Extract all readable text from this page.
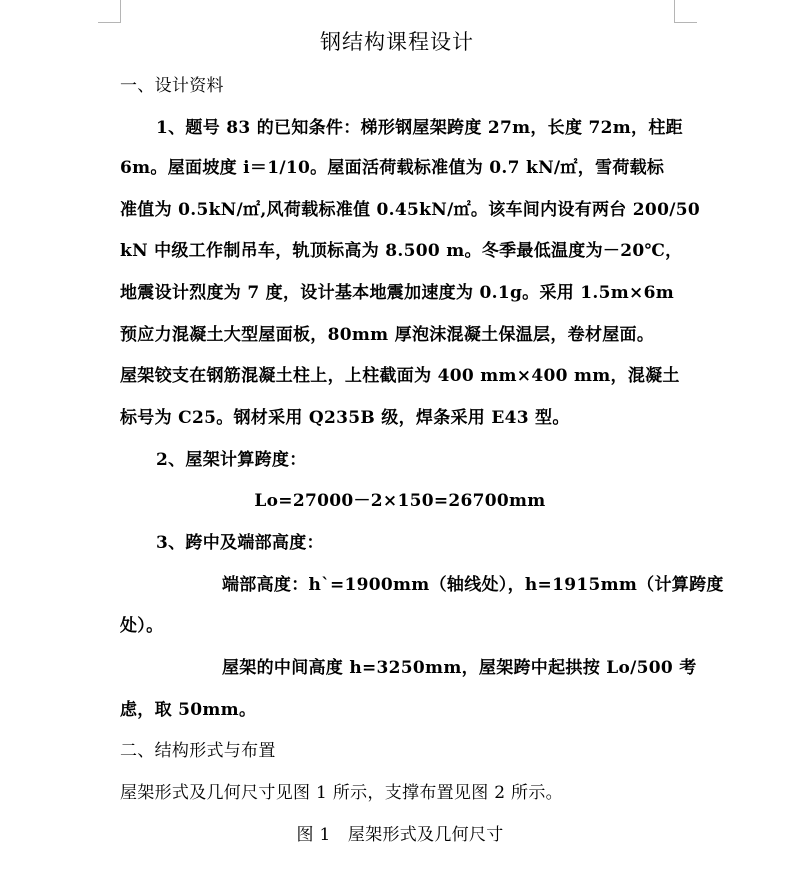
钢结构课程设计
一、设计资料
1、题号 83 的已知条件：梯形钢屋架跨度 27m，长度 72m，柱距
6m。屋面坡度 i＝1/10。屋面活荷载标准值为 0.7 kN/㎡，雪荷载标
准值为 0.5kN/㎡,风荷载标准值 0.45kN/㎡。该车间内设有两台 200/50
kN 中级工作制吊车，轨顶标高为 8.500 m。冬季最低温度为－20℃，
地震设计烈度为 7 度，设计基本地震加速度为 0.1g。采用 1.5m×6m
预应力混凝土大型屋面板，80mm 厚泡沫混凝土保温层，卷材屋面。
屋架铰支在钢筋混凝土柱上，上柱截面为 400 mm×400 mm，混凝土
标号为 C25。钢材采用 Q235B 级，焊条采用 E43 型。
2、屋架计算跨度：
Lo=27000－2×150=26700mm
3、跨中及端部高度：
端部高度：h`=1900mm（轴线处），h=1915mm（计算跨度
处）。
屋架的中间高度 h=3250mm，屋架跨中起拱按 Lo/500 考
虑，取 50mm。
二、结构形式与布置
屋架形式及几何尺寸见图 1 所示，支撑布置见图 2 所示。
图 1　屋架形式及几何尺寸
